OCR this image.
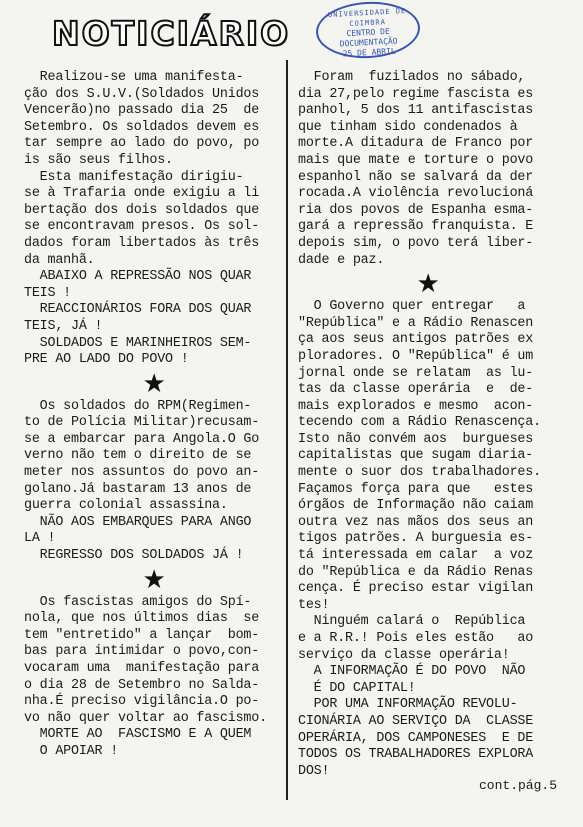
NOTICIÁRIO
UNIVERSIDADE DE COIMBRA
CENTRO DE
DOCUMENTAÇÃO
25 DE ABRIL
Realizou-se uma manifesta-
ção dos S.U.V.(Soldados Unidos
Vencerão)no passado dia 25  de
Setembro. Os soldados devem es
tar sempre ao lado do povo, po
is são seus filhos.
Esta manifestação dirigiu-
se à Trafaria onde exigiu a li
bertação dos dois soldados que
se encontravam presos. Os sol-
dados foram libertados às três
da manhã.
ABAIXO A REPRESSÃO NOS QUAR
TEIS !
REACCIONÁRIOS FORA DOS QUAR
TEIS, JÁ !
SOLDADOS E MARINHEIROS SEM-
PRE AO LADO DO POVO !
★
Os soldados do RPM(Regimen-
to de Polícia Militar)recusam-
se a embarcar para Angola.O Go
verno não tem o direito de se
meter nos assuntos do povo an-
golano.Já bastaram 13 anos de
guerra colonial assassina.
NÃO AOS EMBARQUES PARA ANGO
LA !
REGRESSO DOS SOLDADOS JÁ !
★
Os fascistas amigos do Spí-
nola, que nos últimos dias  se
tem "entretido" a lançar  bom-
bas para intimidar o povo,con-
vocaram uma  manifestação para
o dia 28 de Setembro no Salda-
nha.É preciso vigilância.O po-
vo não quer voltar ao fascismo.
MORTE AO  FASCISMO E A QUEM
O APOIAR !
Foram  fuzilados no sábado,
dia 27,pelo regime fascista es
panhol, 5 dos 11 antifascistas
que tinham sido condenados à
morte.A ditadura de Franco por
mais que mate e torture o povo
espanhol não se salvará da der
rocada.A violência revolucioná
ria dos povos de Espanha esma-
gará a repressão franquista. E
depois sim, o povo terá liber-
dade e paz.
★
O Governo quer entregar   a
"República" e a Rádio Renascen
ça aos seus antigos patrões ex
ploradores. O "República" é um
jornal onde se relatam  as lu-
tas da classe operária  e  de-
mais explorados e mesmo  acon-
tecendo com a Rádio Renascença.
Isto não convém aos  burgueses
capitalistas que sugam diaria-
mente o suor dos trabalhadores.
Façamos força para que   estes
órgãos de Informação não caiam
outra vez nas mãos dos seus an
tigos patrões. A burguesia es-
tá interessada em calar  a voz
do "República e da Rádio Renas
cença. É preciso estar vigilan
tes!
Ninguém calará o  República
e a R.R.! Pois eles estão   ao
serviço da classe operária!
A INFORMAÇÃO É DO POVO  NÃO
É DO CAPITAL!
POR UMA INFORMAÇÃO REVOLU-
CIONÁRIA AO SERVIÇO DA  CLASSE
OPERÁRIA, DOS CAMPONESES  E DE
TODOS OS TRABALHADORES EXPLORA
DOS!
cont.pág.5
